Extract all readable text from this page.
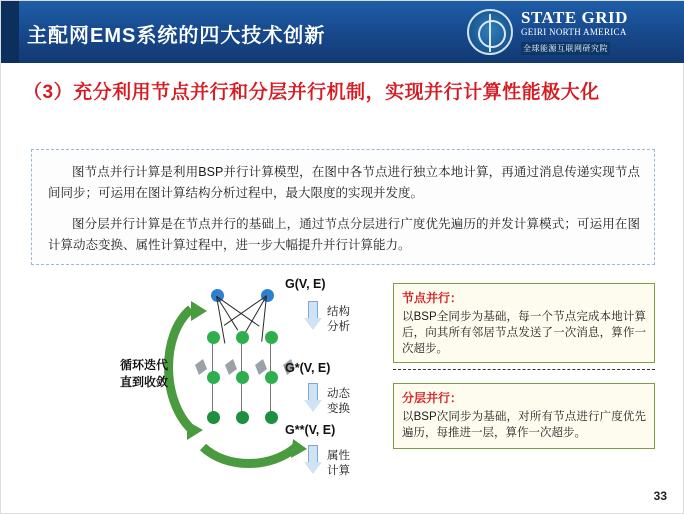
主配网EMS系统的四大技术创新
STATE GRID
GEIRI NORTH AMERICA
全球能源互联网研究院
（3）充分利用节点并行和分层并行机制，实现并行计算性能极大化

图节点并行计算是利用BSP并行计算模型，在图中各节点进行独立本地计算，再通过消息传递实现节点间同步；可运用在图计算结构分析过程中，最大限度的实现并发度。

图分层并行计算是在节点并行的基础上，通过节点分层进行广度优先遍历的并发计算模式；可运用在图计算动态变换、属性计算过程中，进一步大幅提升并行计算能力。

循环迭代
直到收敛
G(V, E)
G*(V, E)
G**(V, E)
结构
分析
动态
变换
属性
计算
节点并行：
以BSP全同步为基础，每一个节点完成本地计算后，向其所有邻居节点发送了一次消息，算作一次超步。
分层并行：
以BSP次同步为基础，对所有节点进行广度优先遍历，每推进一层，算作一次超步。
33
